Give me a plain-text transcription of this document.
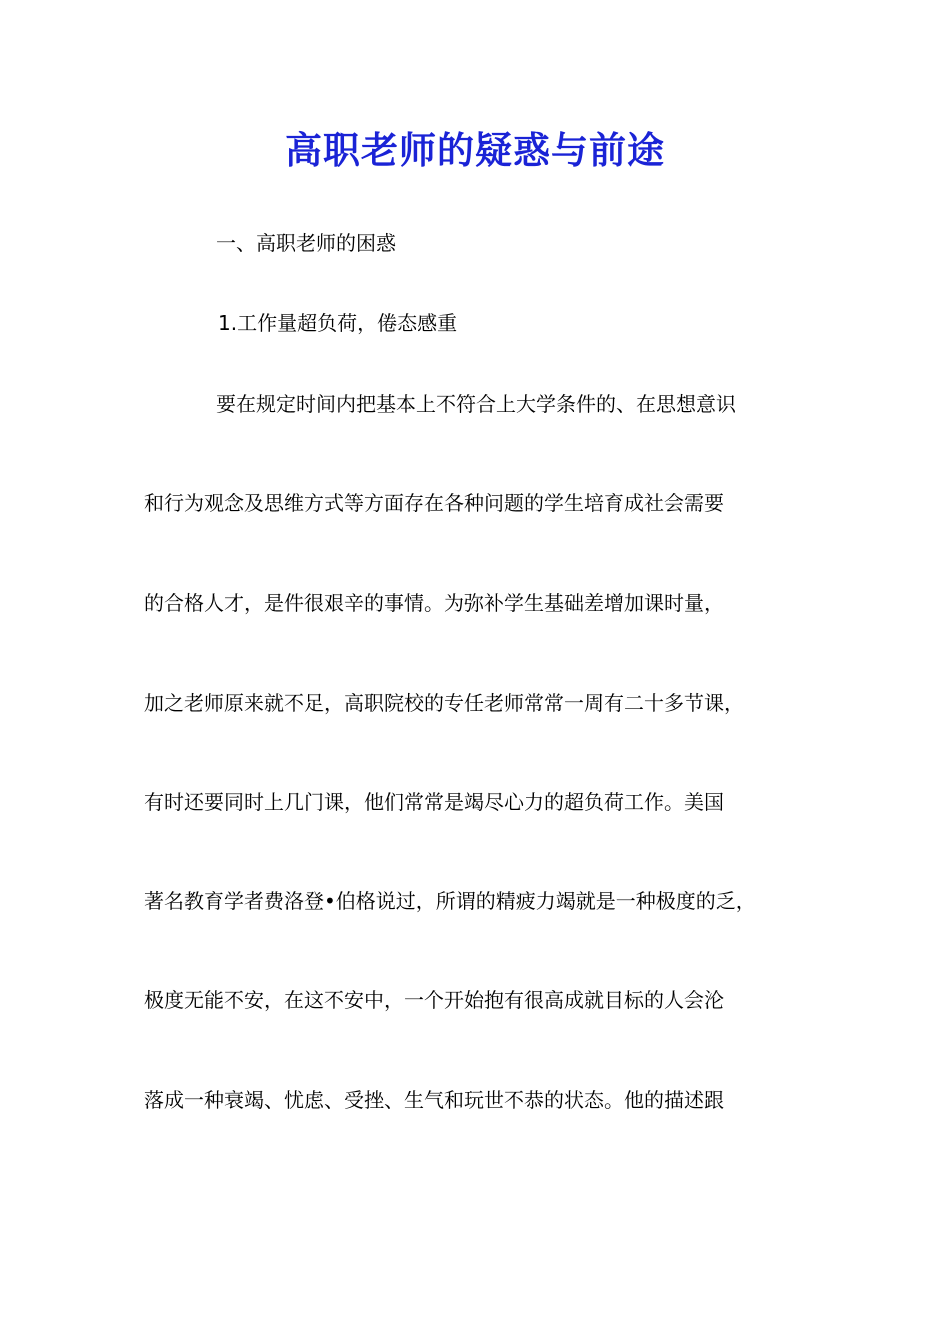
高职老师的疑惑与前途
一、高职老师的困惑
1.工作量超负荷，倦态感重
　要在规定时间内把基本上不符合上大学条件的、在思想意识
和行为观念及思维方式等方面存在各种问题的学生培育成社会需要
的合格人才，是件很艰辛的事情。为弥补学生基础差增加课时量，
加之老师原来就不足，高职院校的专任老师常常一周有二十多节课，
有时还要同时上几门课，他们常常是竭尽心力的超负荷工作。美国
著名教育学者费洛登•伯格说过，所谓的精疲力竭就是一种极度的乏，
极度无能不安，在这不安中，一个开始抱有很高成就目标的人会沦
落成一种衰竭、忧虑、受挫、生气和玩世不恭的状态。他的描述跟
